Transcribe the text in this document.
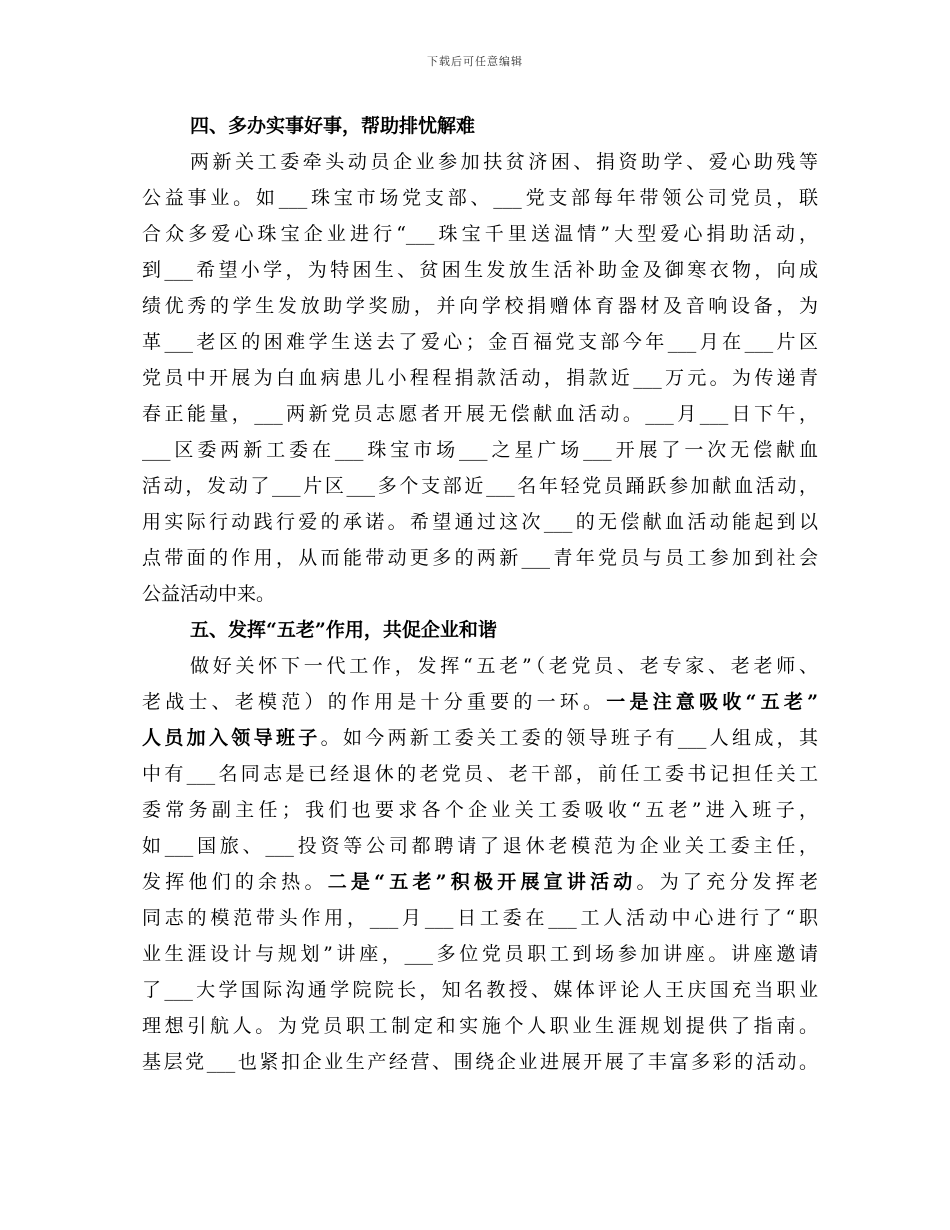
下载后可任意编辑
四、多办实事好事，帮助排忧解难
两新关工委牵头动员企业参加扶贫济困、捐资助学、爱心助残等
公益事业。如___珠宝市场党支部、___党支部每年带领公司党员，联
合众多爱心珠宝企业进行“___珠宝千里送温情”大型爱心捐助活动，
到___希望小学，为特困生、贫困生发放生活补助金及御寒衣物，向成
绩优秀的学生发放助学奖励，并向学校捐赠体育器材及音响设备，为
革___老区的困难学生送去了爱心；金百福党支部今年___月在___片区
党员中开展为白血病患儿小程程捐款活动，捐款近___万元。为传递青
春正能量，___两新党员志愿者开展无偿献血活动。___月___日下午，
___区委两新工委在___珠宝市场___之星广场___开展了一次无偿献血
活动，发动了___片区___多个支部近___名年轻党员踊跃参加献血活动，
用实际行动践行爱的承诺。希望通过这次___的无偿献血活动能起到以
点带面的作用，从而能带动更多的两新___青年党员与员工参加到社会
公益活动中来。
五、发挥“五老”作用，共促企业和谐
做好关怀下一代工作，发挥“五老”（老党员、老专家、老老师、
老战士、老模范）的作用是十分重要的一环。一是注意吸收“五老”
人员加入领导班子。如今两新工委关工委的领导班子有___人组成，其
中有___名同志是已经退休的老党员、老干部，前任工委书记担任关工
委常务副主任；我们也要求各个企业关工委吸收“五老”进入班子，
如___国旅、___投资等公司都聘请了退休老模范为企业关工委主任，
发挥他们的余热。二是“五老”积极开展宣讲活动。为了充分发挥老
同志的模范带头作用，___月___日工委在___工人活动中心进行了“职
业生涯设计与规划”讲座，___多位党员职工到场参加讲座。讲座邀请
了___大学国际沟通学院院长，知名教授、媒体评论人王庆国充当职业
理想引航人。为党员职工制定和实施个人职业生涯规划提供了指南。
基层党___也紧扣企业生产经营、围绕企业进展开展了丰富多彩的活动。
